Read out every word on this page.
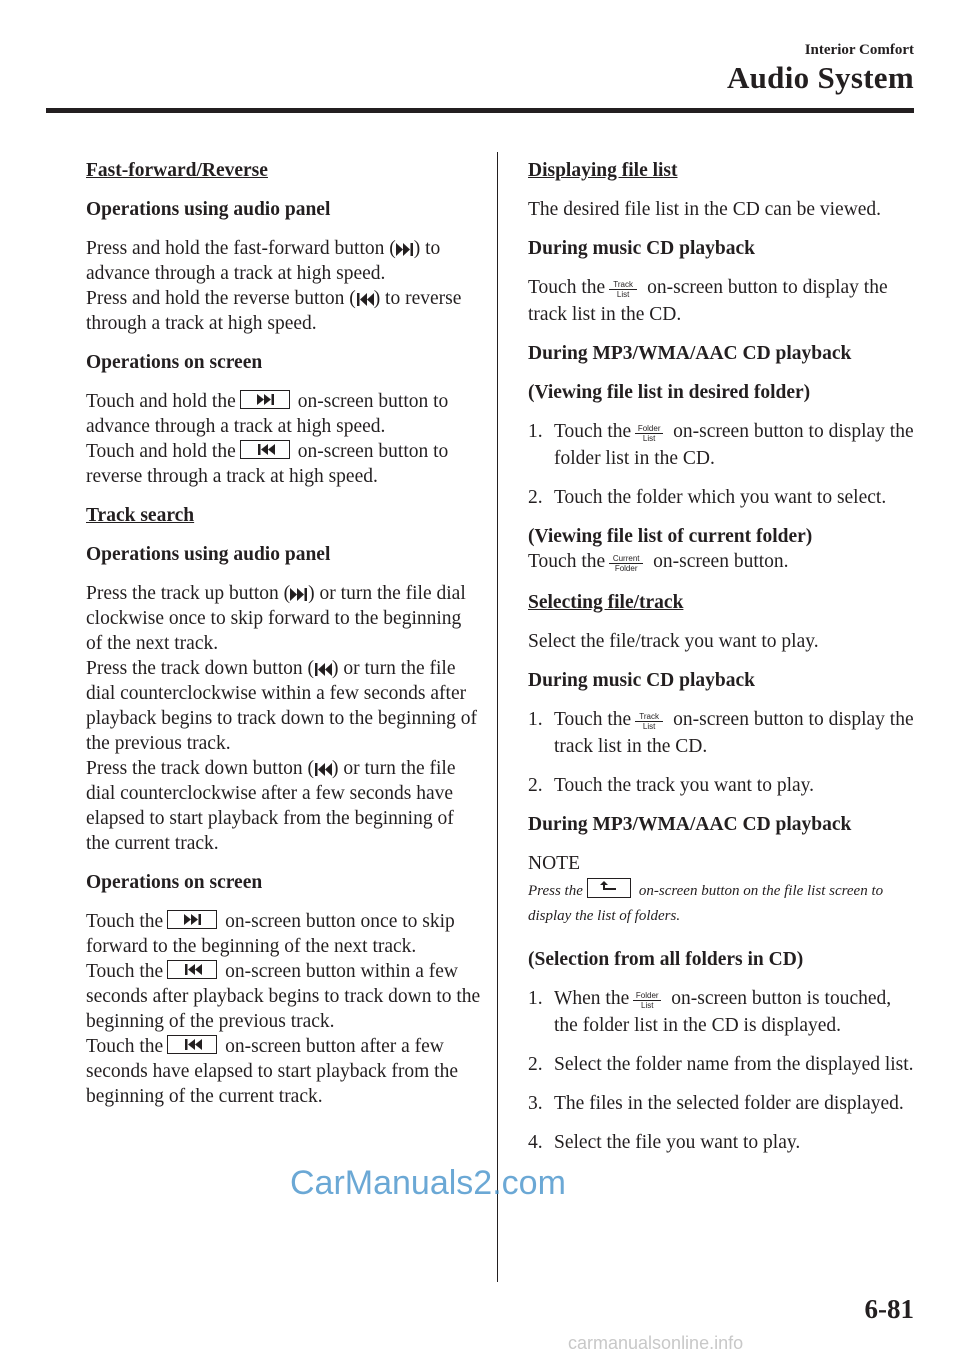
Interior Comfort
Audio System
Fast-forward/Reverse
Operations using audio panel

Press and hold the fast-forward button ( ) to advance through a track at high speed.

Press and hold the reverse button ( ) to reverse through a track at high speed.

Operations on screen

Touch and hold the	on-screen button to advance through a track at high speed.

Touch and hold the	on-screen button to reverse through a track at high speed.

Track search
Operations using audio panel

Press the track up button ( ) or turn the file dial clockwise once to skip forward to the beginning of the next track.

Press the track down button ( ) or turn the file dial counterclockwise within a few seconds after playback begins to track down to the beginning of the previous track.

Press the track down button ( ) or turn the file dial counterclockwise after a few seconds have elapsed to start playback from the beginning of the current track.

Operations on screen

Touch the	on-screen button once to skip forward to the beginning of the next track.

Touch the	on-screen button within a few seconds after playback begins to track down to the beginning of the previous track.

Touch the	on-screen button after a few seconds have elapsed to start playback from the beginning of the current track.

Displaying file list

The desired file list in the CD can be viewed.

During music CD playback

Touch the	Track
List on-screen button to display the track list in the CD.

During MP3/WMA/AAC CD playback
(Viewing file list in desired folder)
1. Touch the Folder
List on-screen button to display the folder list in the CD.
2. Touch the folder which you want to select.
(Viewing file list of current folder)

Touch the Current
Folder on-screen button.

Selecting file/track

Select the file/track you want to play.

During music CD playback
1. Touch the	Track
List on-screen button to display the track list in the CD.
2. Touch the track you want to play.
During MP3/WMA/AAC CD playback
NOTE
Press the	on-screen button on the file list screen to display the list of folders.
(Selection from all folders in CD)
1. When the Folder
List on-screen button is touched, the folder list in the CD is displayed.
2. Select the folder name from the displayed list.
3. The files in the selected folder are displayed.
4. Select the file you want to play.
6-81
CarManuals2.com
carmanualsonline.info
